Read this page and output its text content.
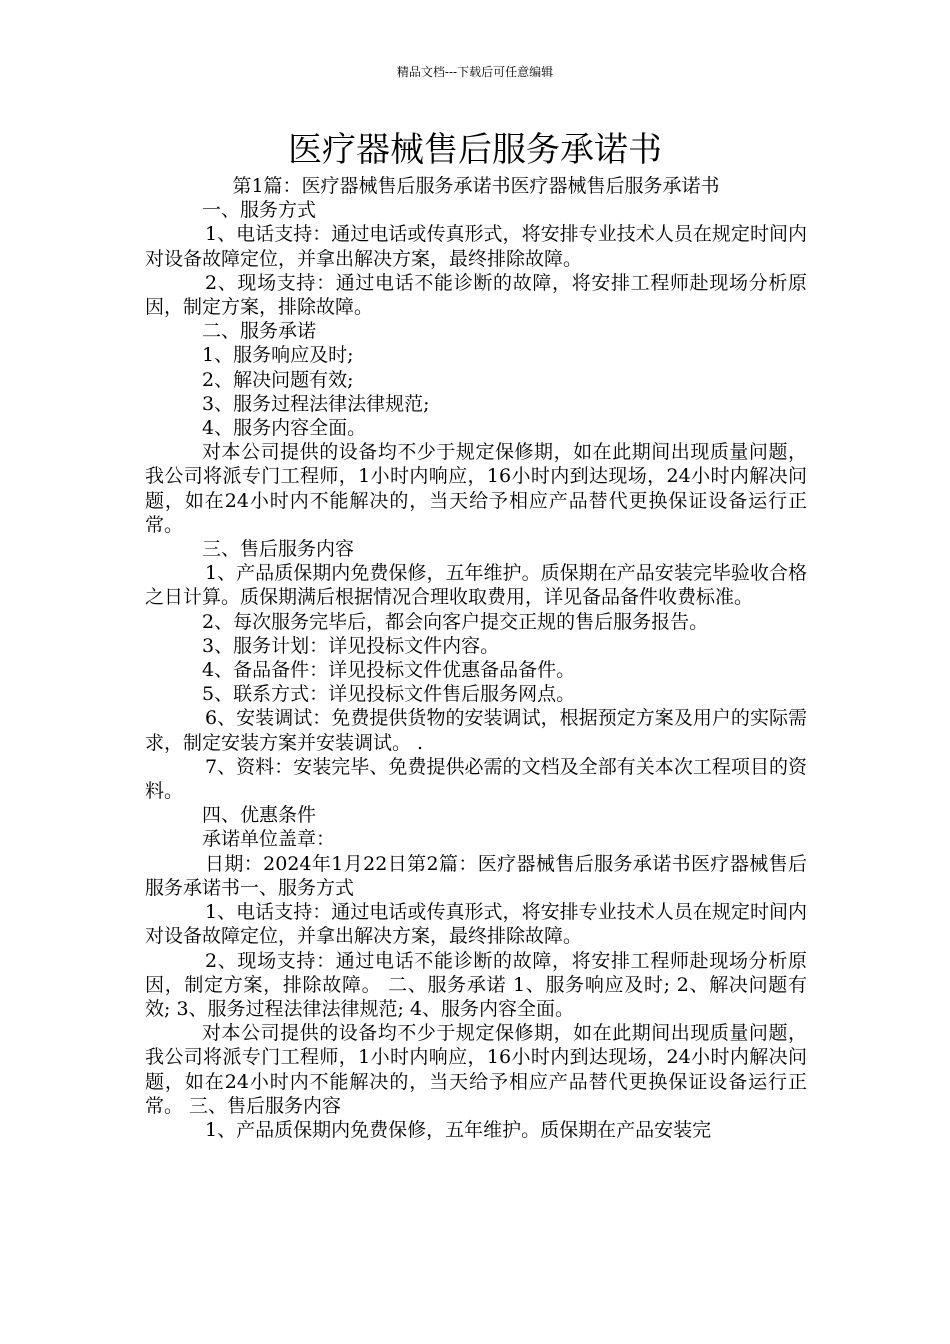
精品文档---下载后可任意编辑
医疗器械售后服务承诺书

第1篇：医疗器械售后服务承诺书医疗器械售后服务承诺书

一、服务方式

1、电话支持：通过电话或传真形式，将安排专业技术人员在规定时间内对设备故障定位，并拿出解决方案，最终排除故障。

2、现场支持：通过电话不能诊断的故障，将安排工程师赴现场分析原因，制定方案，排除故障。

二、服务承诺

1、服务响应及时;

2、解决问题有效;

3、服务过程法律法律规范;

4、服务内容全面。

对本公司提供的设备均不少于规定保修期，如在此期间出现质量问题，我公司将派专门工程师，1小时内响应，16小时内到达现场，24小时内解决问题，如在24小时内不能解决的，当天给予相应产品替代更换保证设备运行正常。

三、售后服务内容

1、产品质保期内免费保修，五年维护。质保期在产品安装完毕验收合格之日计算。质保期满后根据情况合理收取费用，详见备品备件收费标准。

2、每次服务完毕后，都会向客户提交正规的售后服务报告。

3、服务计划：详见投标文件内容。

4、备品备件：详见投标文件优惠备品备件。

5、联系方式：详见投标文件售后服务网点。

6、安装调试：免费提供货物的安装调试，根据预定方案及用户的实际需求，制定安装方案并安装调试。 .

7、资料：安装完毕、免费提供必需的文档及全部有关本次工程项目的资料。

四、优惠条件

承诺单位盖章：

日期：2024年1月22日第2篇：医疗器械售后服务承诺书医疗器械售后服务承诺书一、服务方式

1、电话支持：通过电话或传真形式，将安排专业技术人员在规定时间内对设备故障定位，并拿出解决方案，最终排除故障。

2、现场支持：通过电话不能诊断的故障，将安排工程师赴现场分析原因，制定方案，排除故障。 二、服务承诺 1、服务响应及时; 2、解决问题有效; 3、服务过程法律法律规范; 4、服务内容全面。

对本公司提供的设备均不少于规定保修期，如在此期间出现质量问题，我公司将派专门工程师，1小时内响应，16小时内到达现场，24小时内解决问题，如在24小时内不能解决的，当天给予相应产品替代更换保证设备运行正常。 三、售后服务内容

1、产品质保期内免费保修，五年维护。质保期在产品安装完
